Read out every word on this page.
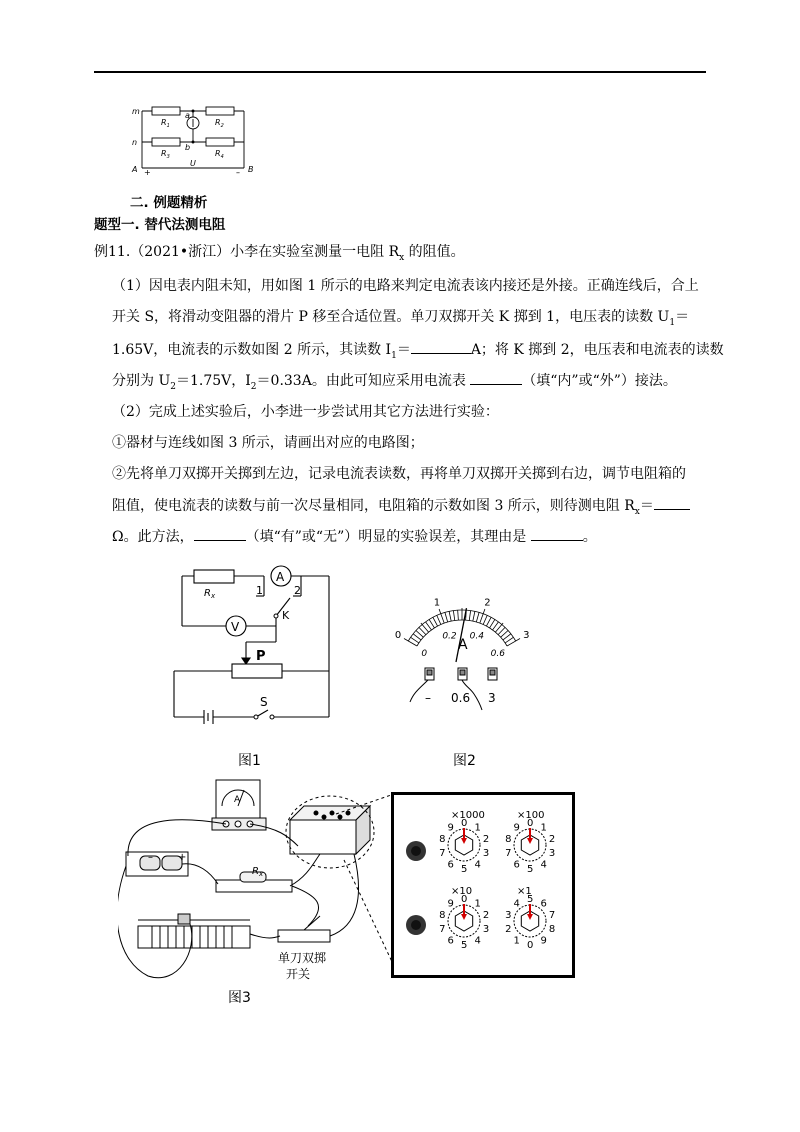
m
n
A	B
$R_1$	$R_2$
$R_3$	$R_4$
a
b
U
+	–
二. 例题精析
题型一. 替代法测电阻
例11.（2021•浙江）小李在实验室测量一电阻 $R_x$ 的阻值。
（1）因电表内阻未知，用如图 1 所示的电路来判定电流表该内接还是外接。正确连线后，合上
开关 S，将滑动变阻器的滑片 P 移至合适位置。单刀双掷开关 K 掷到 1，电压表的读数 $U_1=$
1.65V，电流表的示数如图 2 所示，其读数 $I_1=$	A；将 K 掷到 2，电压表和电流表的读数
分别为 $U_2=1.75V$，$I_2=0.33A$。由此可知应采用电流表	（填“内”或“外”）接法。
（2）完成上述实验后，小李进一步尝试用其它方法进行实验：
①器材与连线如图 3 所示，请画出对应的电路图；
②先将单刀双掷开关掷到左边，记录电流表读数，再将单刀双掷开关掷到右边，调节电阻箱的
阻值，使电流表的读数与前一次尽量相同，电阻箱的示数如图 3 所示，则待测电阻 $R_x=$
Ω。此方法，	（填“有”或“无”）明显的实验误差，其理由是	。
A
V
1	2
K
P
S
$R_x$
0
1	2
3
0
0.2 0.4
0.6
A
– 0.6 3
图1	图2
A
–	+
$R_x$
单刀双掷
开关
×1000
0 1
2
3
4
5
6
7
8
9
×100
0 1
2
3
4
5
6
7
8
9
×10
0 1
2
3
4
5
6
7
8
9
×1
0
1
2
3
4 5 6
7
8
9
图3
